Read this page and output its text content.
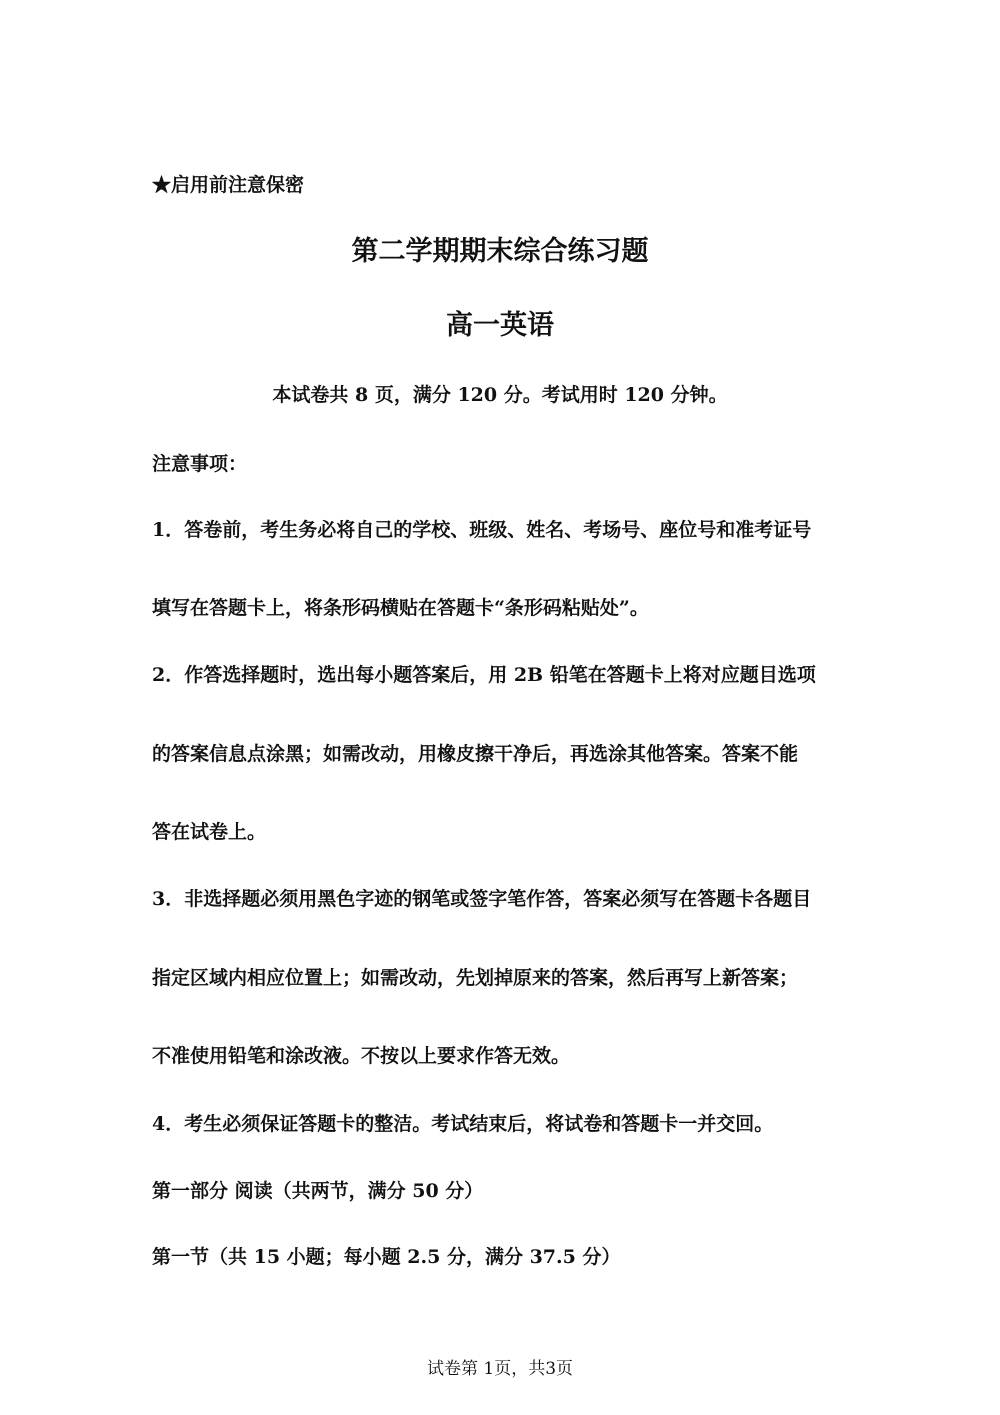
★启用前注意保密
第二学期期末综合练习题
高一英语
本试卷共 8 页，满分 120 分。考试用时 120 分钟。
注意事项：
1．答卷前，考生务必将自己的学校、班级、姓名、考场号、座位号和准考证号
填写在答题卡上，将条形码横贴在答题卡“条形码粘贴处”。
2．作答选择题时，选出每小题答案后，用 2B 铅笔在答题卡上将对应题目选项
的答案信息点涂黑；如需改动，用橡皮擦干净后，再选涂其他答案。答案不能
答在试卷上。
3．非选择题必须用黑色字迹的钢笔或签字笔作答，答案必须写在答题卡各题目
指定区域内相应位置上；如需改动，先划掉原来的答案，然后再写上新答案；
不准使用铅笔和涂改液。不按以上要求作答无效。
4．考生必须保证答题卡的整洁。考试结束后，将试卷和答题卡一并交回。
第一部分 阅读（共两节，满分 50 分）
第一节（共 15 小题；每小题 2.5 分，满分 37.5 分）
试卷第 1页，共3页
